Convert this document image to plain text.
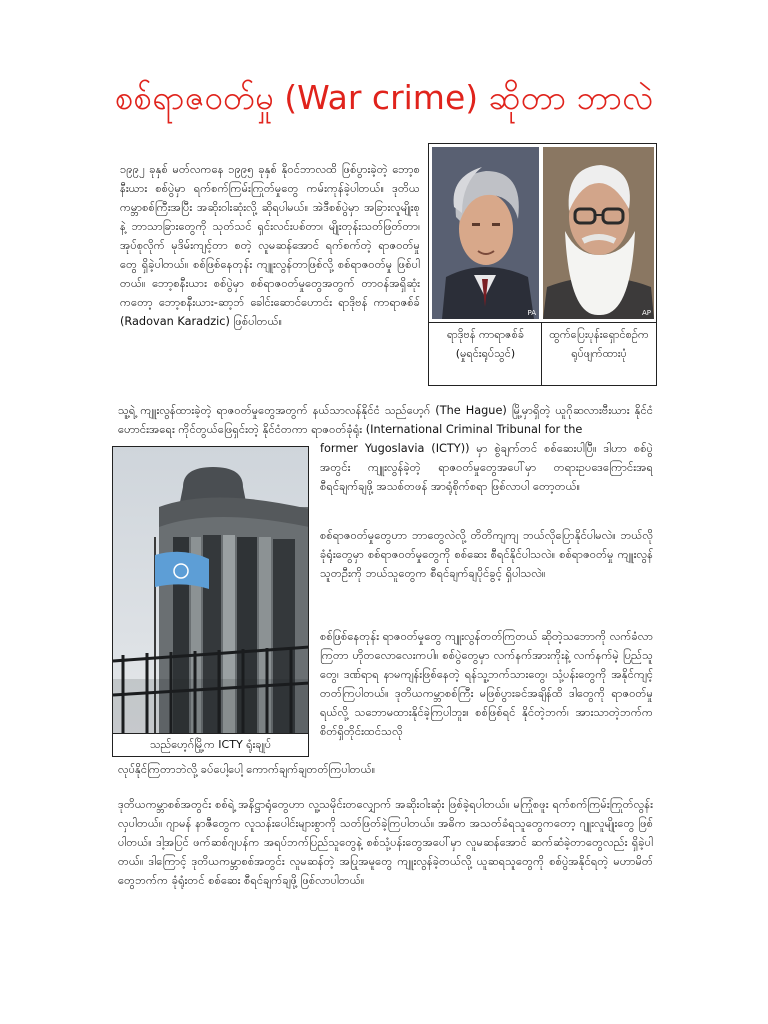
စစ်ရာဇဝတ်မှု (War crime) ဆိုတာ ဘာလဲ

၁၉၉၂ ခုနှစ် မတ်လကနေ ၁၉၉၅ ခုနှစ် နိုဝင်ဘာလထိ ဖြစ်ပွားခဲ့တဲ့ ဘော့စနီးယား စစ်ပွဲမှာ ရက်စက်ကြမ်းကြုတ်မှုတွေ ကမ်းကုန်ခဲ့ပါတယ်။ ဒုတိယကမ္ဘာစစ်ကြီးအပြီး အဆိုးဝါးဆုံးလို့ ဆိုရပါမယ်။ အဲဒီစစ်ပွဲမှာ အခြားလူမျိုးစုနဲ့ ဘာသာခြားတွေကို သုတ်သင် ရှင်းလင်းပစ်တာ၊ မျိုးတုန်းသတ်ဖြတ်တာ၊ အုပ်စုလိုက် မုဒိမ်းကျင့်တာ စတဲ့ လူမဆန်အောင် ရက်စက်တဲ့ ရာဇဝတ်မှုတွေ ရှိခဲ့ပါတယ်။ စစ်ဖြစ်နေတုန်း ကျူးလွန်တာဖြစ်လို့ စစ်ရာဇဝတ်မှု ဖြစ်ပါတယ်။ ဘော့စနီးယား စစ်ပွဲမှာ စစ်ရာဇဝတ်မှုတွေအတွက် တာဝန်အရှိဆုံးကတော့ ဘော့စနီးယား-ဆာ့ဘ် ခေါင်းဆောင်ဟောင်း ရာဒိုဗန် ကာရာဇစ်ခ် (Radovan Karadzic) ဖြစ်ပါတယ်။

PA	AP
ရာဒိုဗန် ကာရာဇစ်ခ် (မှုရင်းရုပ်သွင်)
ထွက်ပြေးပုန်းရှောင်စဉ်က ရုပ်ဖျက်ထားပုံ

သူ့ရဲ့ ကျူးလွန်ထားခဲ့တဲ့ ရာဇဝတ်မှုတွေအတွက် နယ်သာလန်နိုင်ငံ သည်ဟေ့ဂ် (The Hague) မြို့မှာရှိတဲ့ ယူဂိုဆလားဗီးယား နိုင်ငံဟောင်းအရေး ကိုင်တွယ်ဖြေရှင်းတဲ့ နိုင်ငံတကာ ရာဇဝတ်ခုံရုံး (International Criminal Tribunal for the

သည်ဟေ့ဂ်မြို့က ICTY ရုံးချုပ်

former Yugoslavia (ICTY)) မှာ စွဲချက်တင် စစ်ဆေးပါပြီ။ ဒါဟာ စစ်ပွဲအတွင်း ကျူးလွန်ခဲ့တဲ့ ရာဇဝတ်မှုတွေအပေါ်မှာ တရားဥပဒေကြောင်းအရ စီရင်ချက်ချဖို့ အသစ်တဖန် အာရုံစိုက်စရာ ဖြစ်လာပါ တော့တယ်။

စစ်ရာဇဝတ်မှုတွေဟာ ဘာတွေလဲလို့ တိတိကျကျ ဘယ်လိုပြောနိုင်ပါမလဲ။ ဘယ်လိုခုံရုံးတွေမှာ စစ်ရာဇဝတ်မှုတွေကို စစ်ဆေး စီရင်နိုင်ပါသလဲ။ စစ်ရာဇဝတ်မှု ကျူးလွန်သူတဦးကို ဘယ်သူတွေက စီရင်ချက်ချပိုင်ခွင့် ရှိပါသလဲ။

စစ်ဖြစ်နေတုန်း ရာဇဝတ်မှုတွေ ကျူးလွန်တတ်ကြတယ် ဆိုတဲ့သဘောကို လက်ခံလာကြတာ ဟိုတလောလေးကပါ။ စစ်ပွဲတွေမှာ လက်နက်အားကိုးနဲ့ လက်နက်မဲ့ ပြည်သူတွေ၊ ဒဏ်ရာရ နာမကျန်းဖြစ်နေတဲ့ ရန်သူ့ဘက်သားတွေ၊ သုံ့ပန်းတွေကို အနိုင်ကျင့်တတ်ကြပါတယ်။ ဒုတိယကမ္ဘာစစ်ကြီး မဖြစ်ပွားခင်အချိန်ထိ ဒါတွေကို ရာဇဝတ်မှုရယ်လို့ သဘောမထားနိုင်ခဲ့ကြပါဘူး။ စစ်ဖြစ်ရင် နိုင်တဲ့ဘက်၊ အားသာတဲ့ဘက်က စိတ်ရှိတိုင်းထင်သလို

လုပ်နိုင်ကြတာဘဲလို့ ခပ်ပေါ့ပေါ့ ကောက်ချက်ချတတ်ကြပါတယ်။

ဒုတိယကမ္ဘာစစ်အတွင်း စစ်ရဲ့ အနိဋ္ဌာရုံတွေဟာ လူ့သမိုင်းတလျှောက် အဆိုးဝါးဆုံး ဖြစ်ခဲ့ရပါတယ်။ မကြုံစဖူး ရက်စက်ကြမ်းကြုတ်လွန်းလှပါတယ်။ ဂျာမန် နာဇီတွေက လူသန်းပေါင်းများစွာကို သတ်ဖြတ်ခဲ့ကြပါတယ်။ အဓိက အသတ်ခံရသူတွေကတော့ ဂျူးလူမျိုးတွေ ဖြစ်ပါတယ်။ ဒါ့အပြင် ဖက်ဆစ်ဂျပန်က အရပ်ဘက်ပြည်သူတွေနဲ့ စစ်သုံ့ပန်းတွေအပေါ်မှာ လူမဆန်အောင် ဆက်ဆံခဲ့တာတွေလည်း ရှိခဲ့ပါတယ်။ ဒါကြောင့် ဒုတိယကမ္ဘာစစ်အတွင်း လူမဆန်တဲ့ အပြုအမူတွေ ကျူးလွန်ခဲ့တယ်လို့ ယူဆရသူတွေကို စစ်ပွဲအနိုင်ရတဲ့ မဟာမိတ်တွေဘက်က ခုံရုံးတင် စစ်ဆေး စီရင်ချက်ချဖို့ ဖြစ်လာပါတယ်။
